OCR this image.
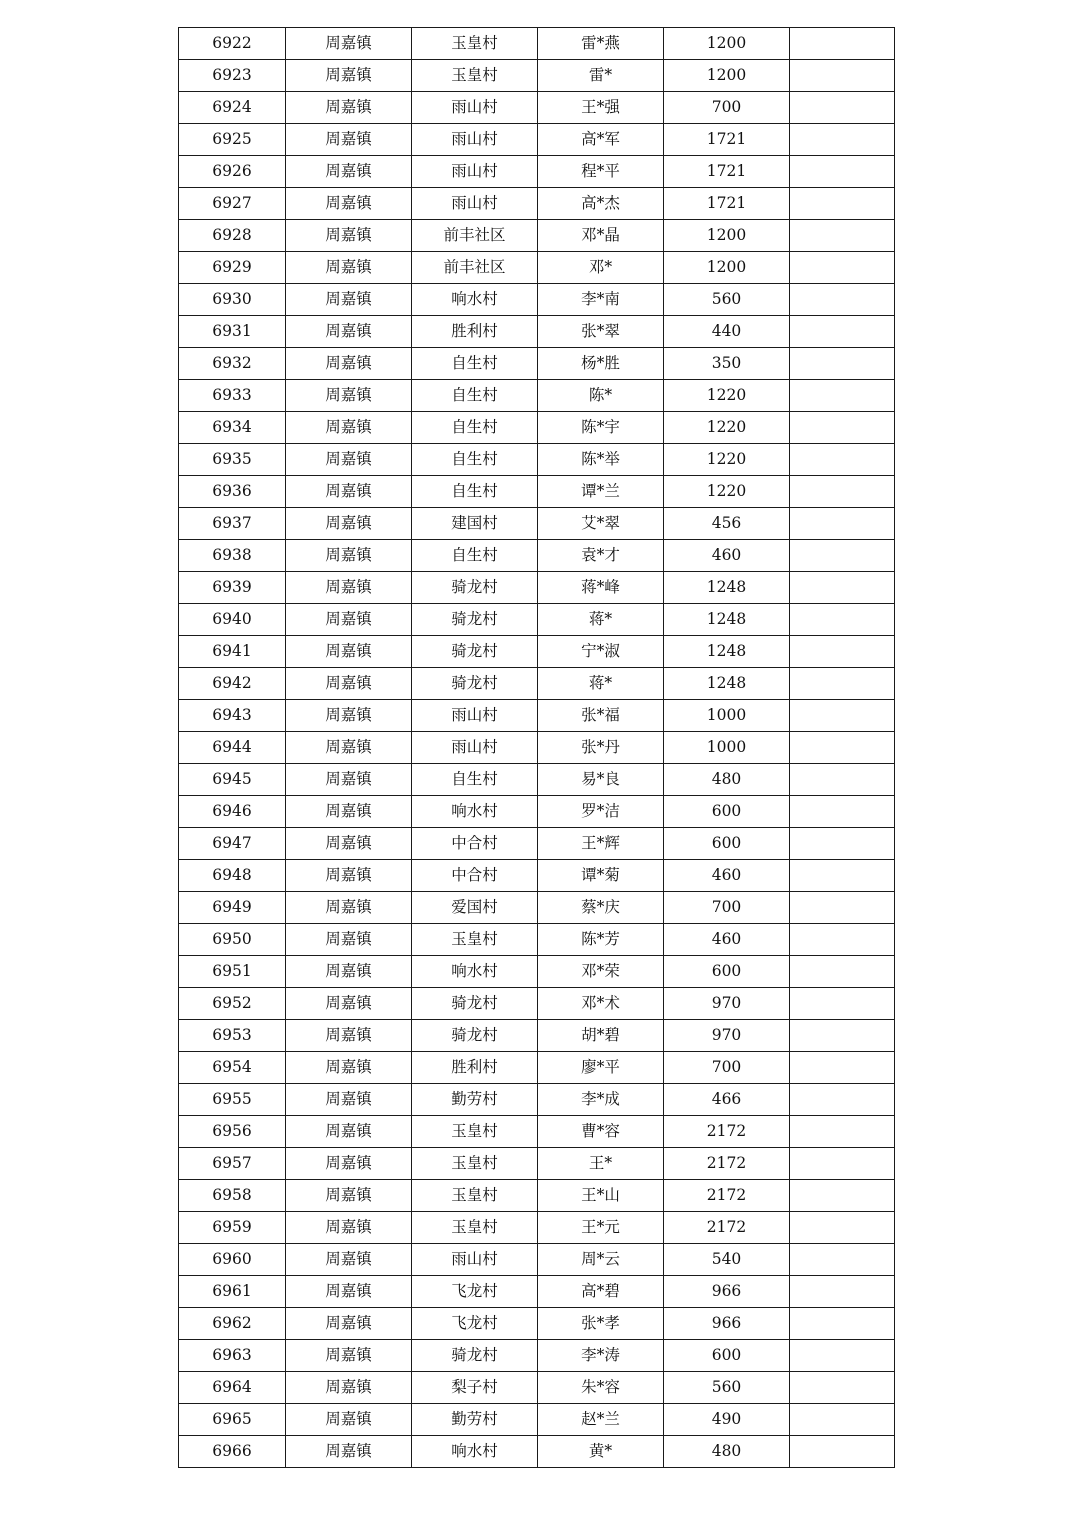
6922	周嘉镇	玉皇村	雷*燕	1200	
6923	周嘉镇	玉皇村	雷*	1200	
6924	周嘉镇	雨山村	王*强	700	
6925	周嘉镇	雨山村	高*军	1721	
6926	周嘉镇	雨山村	程*平	1721	
6927	周嘉镇	雨山村	高*杰	1721	
6928	周嘉镇	前丰社区	邓*晶	1200	
6929	周嘉镇	前丰社区	邓*	1200	
6930	周嘉镇	响水村	李*南	560	
6931	周嘉镇	胜利村	张*翠	440	
6932	周嘉镇	自生村	杨*胜	350	
6933	周嘉镇	自生村	陈*	1220	
6934	周嘉镇	自生村	陈*宇	1220	
6935	周嘉镇	自生村	陈*举	1220	
6936	周嘉镇	自生村	谭*兰	1220	
6937	周嘉镇	建国村	艾*翠	456	
6938	周嘉镇	自生村	袁*才	460	
6939	周嘉镇	骑龙村	蒋*峰	1248	
6940	周嘉镇	骑龙村	蒋*	1248	
6941	周嘉镇	骑龙村	宁*淑	1248	
6942	周嘉镇	骑龙村	蒋*	1248	
6943	周嘉镇	雨山村	张*福	1000	
6944	周嘉镇	雨山村	张*丹	1000	
6945	周嘉镇	自生村	易*良	480	
6946	周嘉镇	响水村	罗*洁	600	
6947	周嘉镇	中合村	王*辉	600	
6948	周嘉镇	中合村	谭*菊	460	
6949	周嘉镇	爱国村	蔡*庆	700	
6950	周嘉镇	玉皇村	陈*芳	460	
6951	周嘉镇	响水村	邓*荣	600	
6952	周嘉镇	骑龙村	邓*术	970	
6953	周嘉镇	骑龙村	胡*碧	970	
6954	周嘉镇	胜利村	廖*平	700	
6955	周嘉镇	勤劳村	李*成	466	
6956	周嘉镇	玉皇村	曹*容	2172	
6957	周嘉镇	玉皇村	王*	2172	
6958	周嘉镇	玉皇村	王*山	2172	
6959	周嘉镇	玉皇村	王*元	2172	
6960	周嘉镇	雨山村	周*云	540	
6961	周嘉镇	飞龙村	高*碧	966	
6962	周嘉镇	飞龙村	张*孝	966	
6963	周嘉镇	骑龙村	李*涛	600	
6964	周嘉镇	梨子村	朱*容	560	
6965	周嘉镇	勤劳村	赵*兰	490	
6966	周嘉镇	响水村	黄*	480	
